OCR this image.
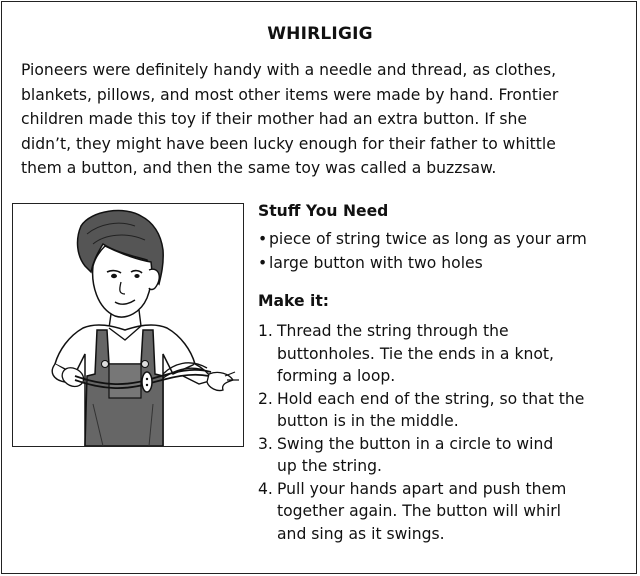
WHIRLIGIG

Pioneers were definitely handy with a needle and thread, as clothes,
blankets, pillows, and most other items were made by hand. Frontier
children made this toy if their mother had an extra button. If she
didn’t, they might have been lucky enough for their father to whittle
them a button, and then the same toy was called a buzzsaw.

Stuff You Need
• piece of string twice as long as your arm
• large button with two holes
Make it:
1. Thread the string through the
buttonholes. Tie the ends in a knot,
forming a loop.
2. Hold each end of the string, so that the
button is in the middle.
3. Swing the button in a circle to wind
up the string.
4. Pull your hands apart and push them
together again. The button will whirl
and sing as it swings.
